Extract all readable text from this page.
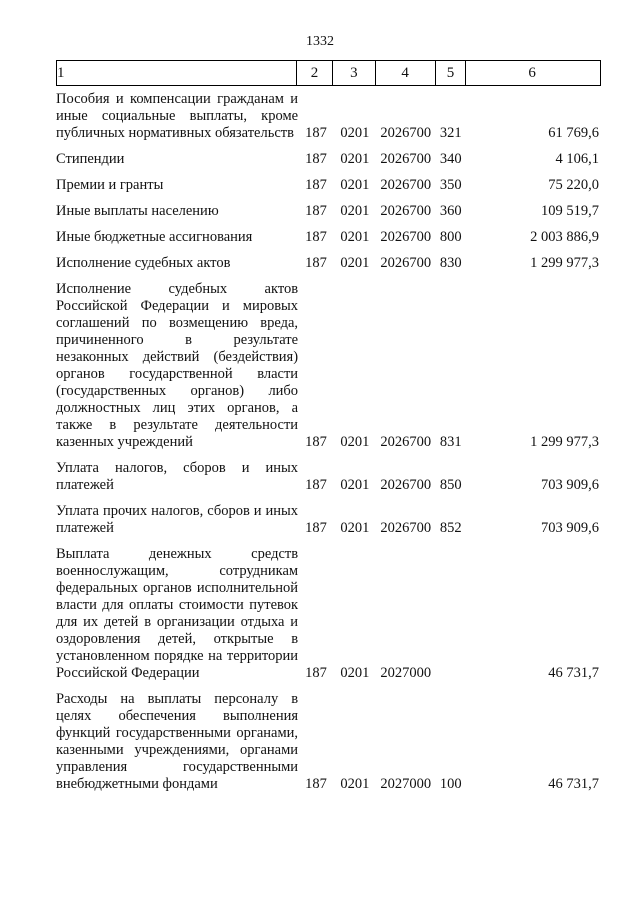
1332
1	2	3	4	5	6
Пособия и компенсации гражданам и иные социальные выплаты, кроме публичных нормативных обязательств	187	0201	2026700	321	61 769,6

Стипендии	187	0201	2026700	340	4 106,1

Премии и гранты	187	0201	2026700	350	75 220,0

Иные выплаты населению	187	0201	2026700	360	109 519,7

Иные бюджетные ассигнования	187	0201	2026700	800	2 003 886,9

Исполнение судебных актов	187	0201	2026700	830	1 299 977,3

Исполнение судебных актов Российской Федерации и мировых соглашений по возмещению вреда, причиненного в результате незаконных действий (бездействия) органов государственной власти (государственных органов) либо должностных лиц этих органов, а также в результате деятельности казенных учреждений	187	0201	2026700	831	1 299 977,3

Уплата налогов, сборов и иных платежей	187	0201	2026700	850	703 909,6

Уплата прочих налогов, сборов и иных платежей	187	0201	2026700	852	703 909,6

Выплата денежных средств военнослужащим, сотрудникам федеральных органов исполнительной власти для оплаты стоимости путевок для их детей в организации отдыха и оздоровления детей, открытые в установленном порядке на территории Российской Федерации	187	0201	2027000		46 731,7

Расходы на выплаты персоналу в целях обеспечения выполнения функций государственными органами, казенными учреждениями, органами управления государственными внебюджетными фондами	187	0201	2027000	100	46 731,7
